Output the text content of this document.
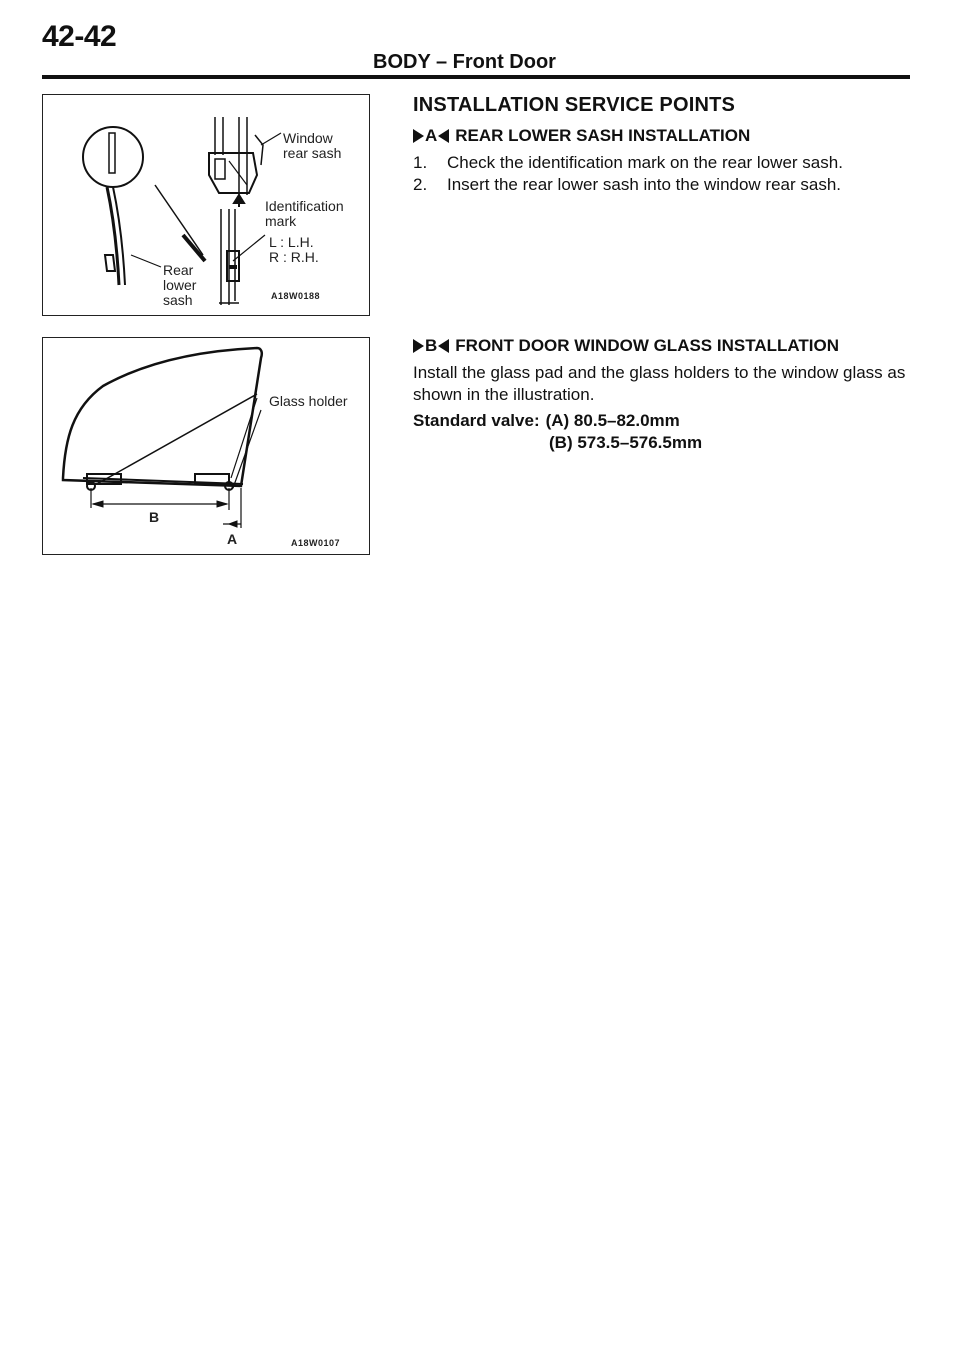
42-42
BODY – Front Door
Window
rear sash
Identification
mark
L : L.H.
R : R.H.
Rear
lower
sash	A18W0188
Glass holder
B
A	A18W0107
INSTALLATION SERVICE POINTS
A REAR LOWER SASH INSTALLATION
1.	Check the identification mark on the rear lower sash.
2.	Insert the rear lower sash into the window rear sash.
B FRONT DOOR WINDOW GLASS INSTALLATION
Install the glass pad and the glass holders to the window glass as shown in the illustration.
Standard valve: (A) 80.5–82.0mm
(B) 573.5–576.5mm
